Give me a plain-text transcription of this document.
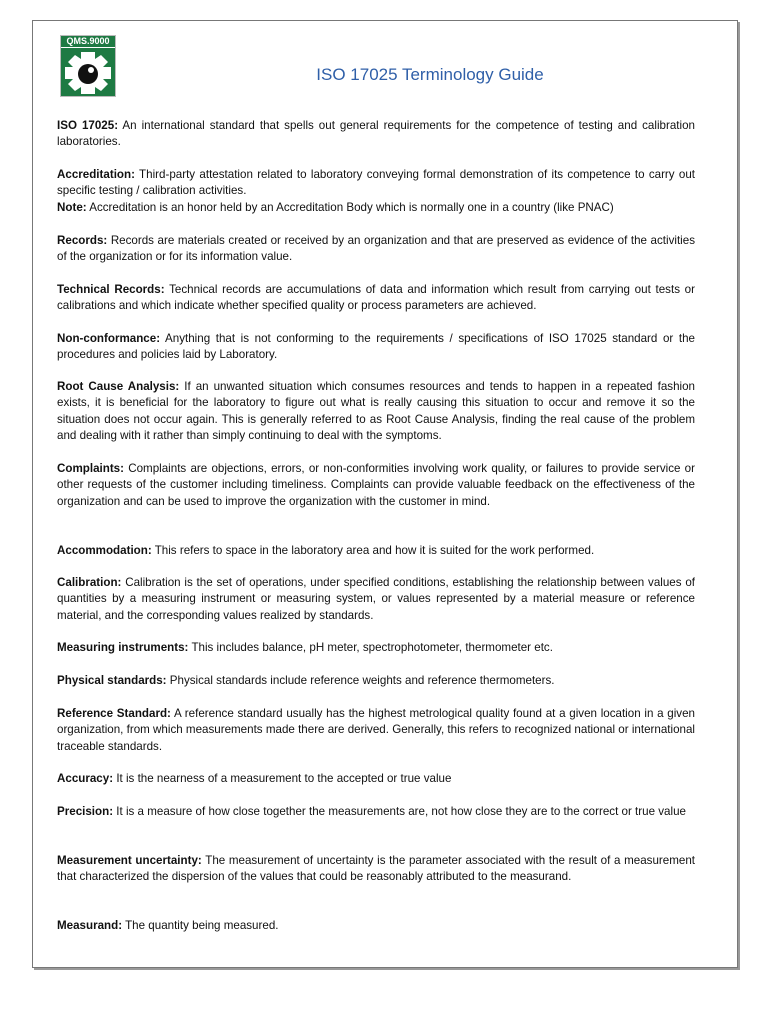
QMS.9000
ISO 17025 Terminology Guide
ISO 17025: An international standard that spells out general requirements for the competence of testing and calibration laboratories.
Accreditation: Third-party attestation related to laboratory conveying formal demonstration of its competence to carry out specific testing / calibration activities.
Note: Accreditation is an honor held by an Accreditation Body which is normally one in a country (like PNAC)
Records: Records are materials created or received by an organization and that are preserved as evidence of the activities of the organization or for its information value.
Technical Records: Technical records are accumulations of data and information which result from carrying out tests or calibrations and which indicate whether specified quality or process parameters are achieved.
Non-conformance: Anything that is not conforming to the requirements / specifications of ISO 17025 standard or the procedures and policies laid by Laboratory.
Root Cause Analysis: If an unwanted situation which consumes resources and tends to happen in a repeated fashion exists, it is beneficial for the laboratory to figure out what is really causing this situation to occur and remove it so the situation does not occur again. This is generally referred to as Root Cause Analysis, finding the real cause of the problem and dealing with it rather than simply continuing to deal with the symptoms.
Complaints: Complaints are objections, errors, or non-conformities involving work quality, or failures to provide service or other requests of the customer including timeliness. Complaints can provide valuable feedback on the effectiveness of the organization and can be used to improve the organization with the customer in mind.
Accommodation: This refers to space in the laboratory area and how it is suited for the work performed.
Calibration: Calibration is the set of operations, under specified conditions, establishing the relationship between values of quantities by a measuring instrument or measuring system, or values represented by a material measure or reference material, and the corresponding values realized by standards.
Measuring instruments: This includes balance, pH meter, spectrophotometer, thermometer etc.
Physical standards: Physical standards include reference weights and reference thermometers.
Reference Standard: A reference standard usually has the highest metrological quality found at a given location in a given organization, from which measurements made there are derived. Generally, this refers to recognized national or international traceable standards.
Accuracy: It is the nearness of a measurement to the accepted or true value
Precision: It is a measure of how close together the measurements are, not how close they are to the correct or true value
Measurement uncertainty: The measurement of uncertainty is the parameter associated with the result of a measurement that characterized the dispersion of the values that could be reasonably attributed to the measurand.
Measurand: The quantity being measured.
